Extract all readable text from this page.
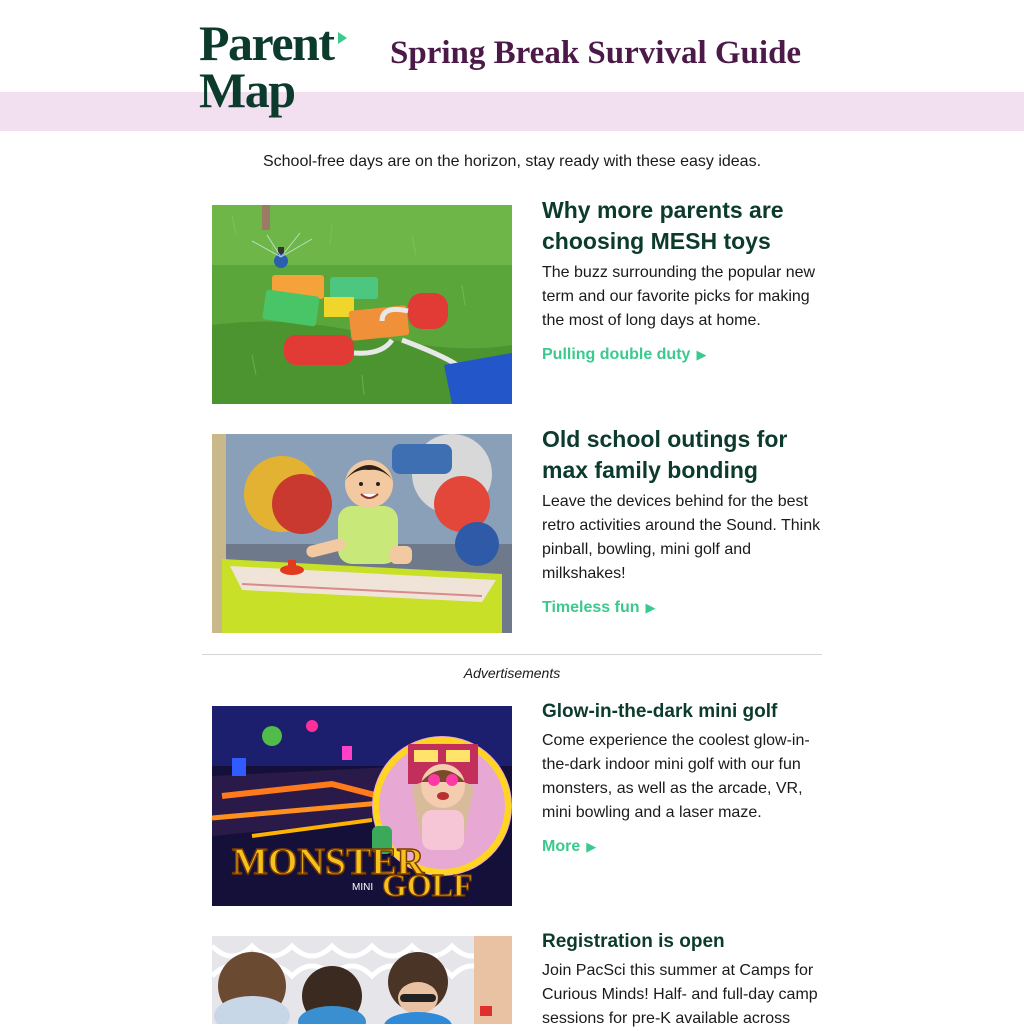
Parent
Map
Spring Break Survival Guide
School-free days are on the horizon, stay ready with these easy ideas.
Why more parents are choosing MESH toys

The buzz surrounding the popular new term and our favorite picks for making the most of long days at home.

Pulling double duty ▶
Old school outings for max family bonding

Leave the devices behind for the best retro activities around the Sound. Think pinball, bowling, mini golf and milkshakes!

Timeless fun ▶
Advertisements
MONSTER
MINI GOLF
Glow-in-the-dark mini golf

Come experience the coolest glow-in-the-dark indoor mini golf with our fun monsters, as well as the arcade, VR, mini bowling and a laser maze.

More ▶
Registration is open

Join PacSci this summer at Camps for Curious Minds! Half- and full-day camp sessions for pre-K available across
